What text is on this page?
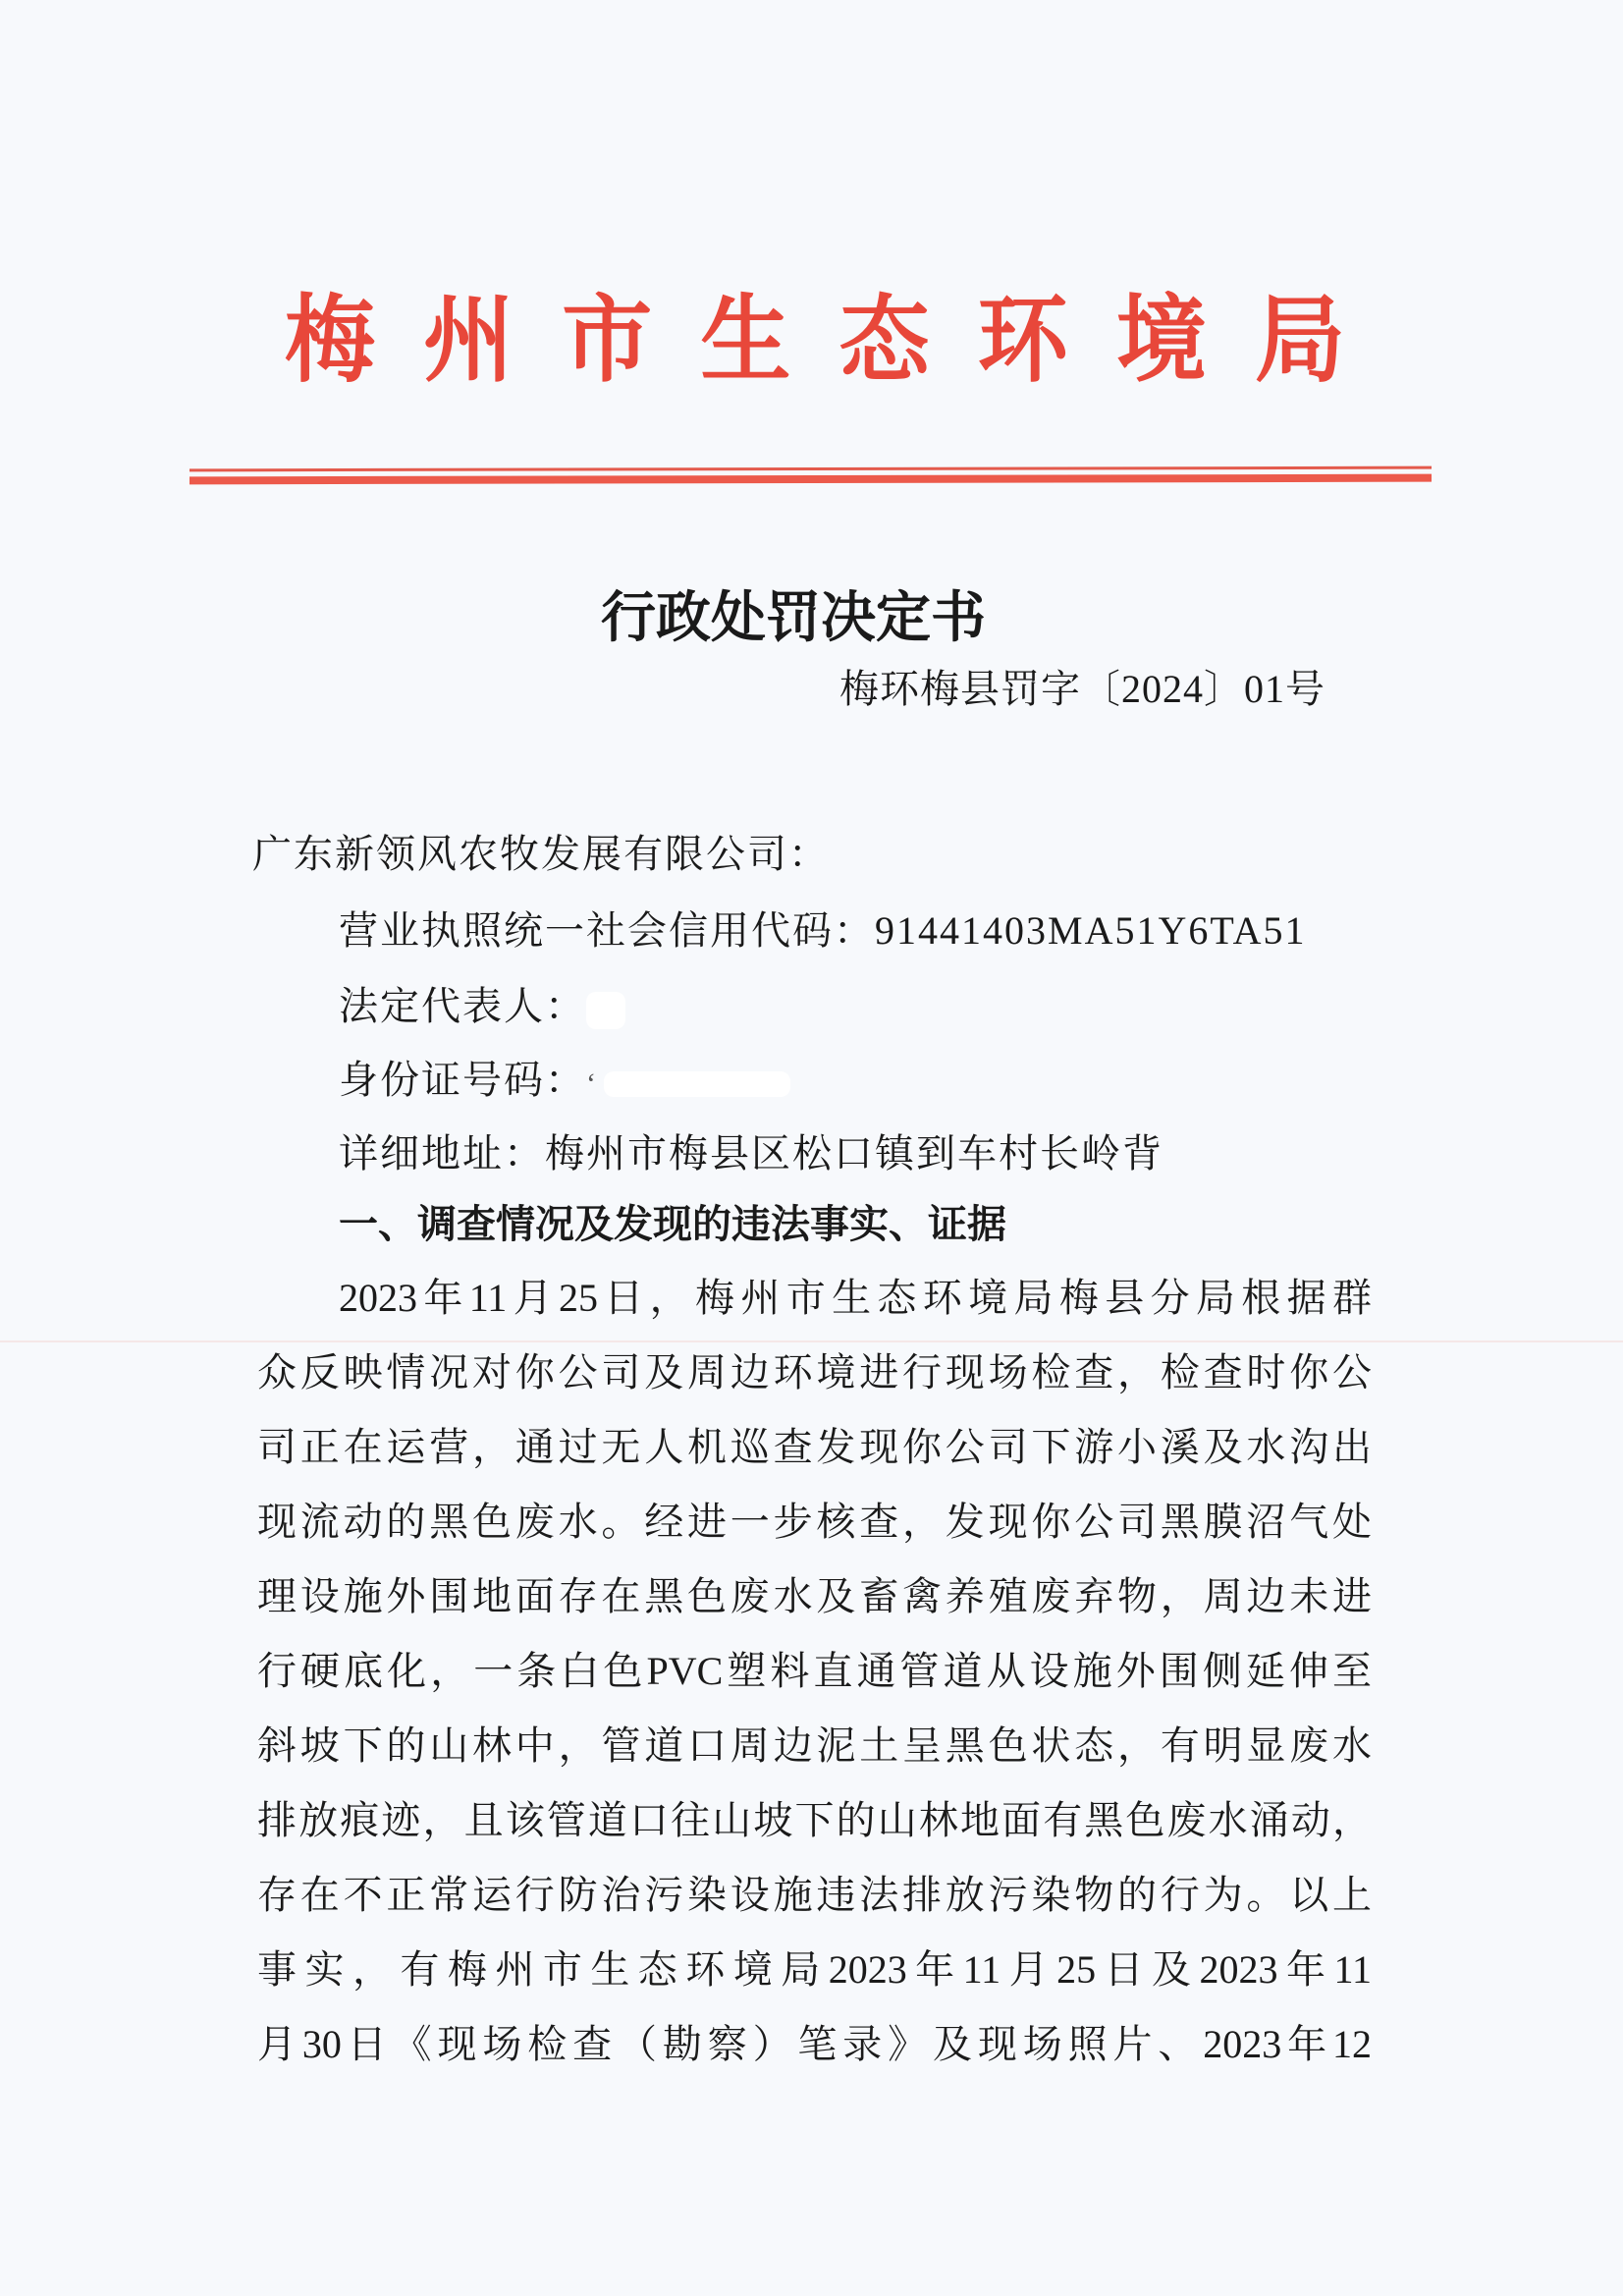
梅 州 市 生 态 环 境 局
行政处罚决定书
梅环梅县罚字〔2024〕01号
广东新领风农牧发展有限公司：
营业执照统一社会信用代码：91441403MA51Y6TA51
法定代表人：
身份证号码：ʻ
详细地址：梅州市梅县区松口镇到车村长岭背
一、调查情况及发现的违法事实、证据
2023年11月25日，梅州市生态环境局梅县分局根据群
众反映情况对你公司及周边环境进行现场检查，检查时你公
司正在运营，通过无人机巡查发现你公司下游小溪及水沟出
现流动的黑色废水。经进一步核查，发现你公司黑膜沼气处
理设施外围地面存在黑色废水及畜禽养殖废弃物，周边未进
行硬底化，一条白色PVC塑料直通管道从设施外围侧延伸至
斜坡下的山林中，管道口周边泥土呈黑色状态，有明显废水
排放痕迹，且该管道口往山坡下的山林地面有黑色废水涌动，
存在不正常运行防治污染设施违法排放污染物的行为。以上
事实，有梅州市生态环境局2023年11月25日及2023年11
月30日《现场检查（勘察）笔录》及现场照片、2023年12
